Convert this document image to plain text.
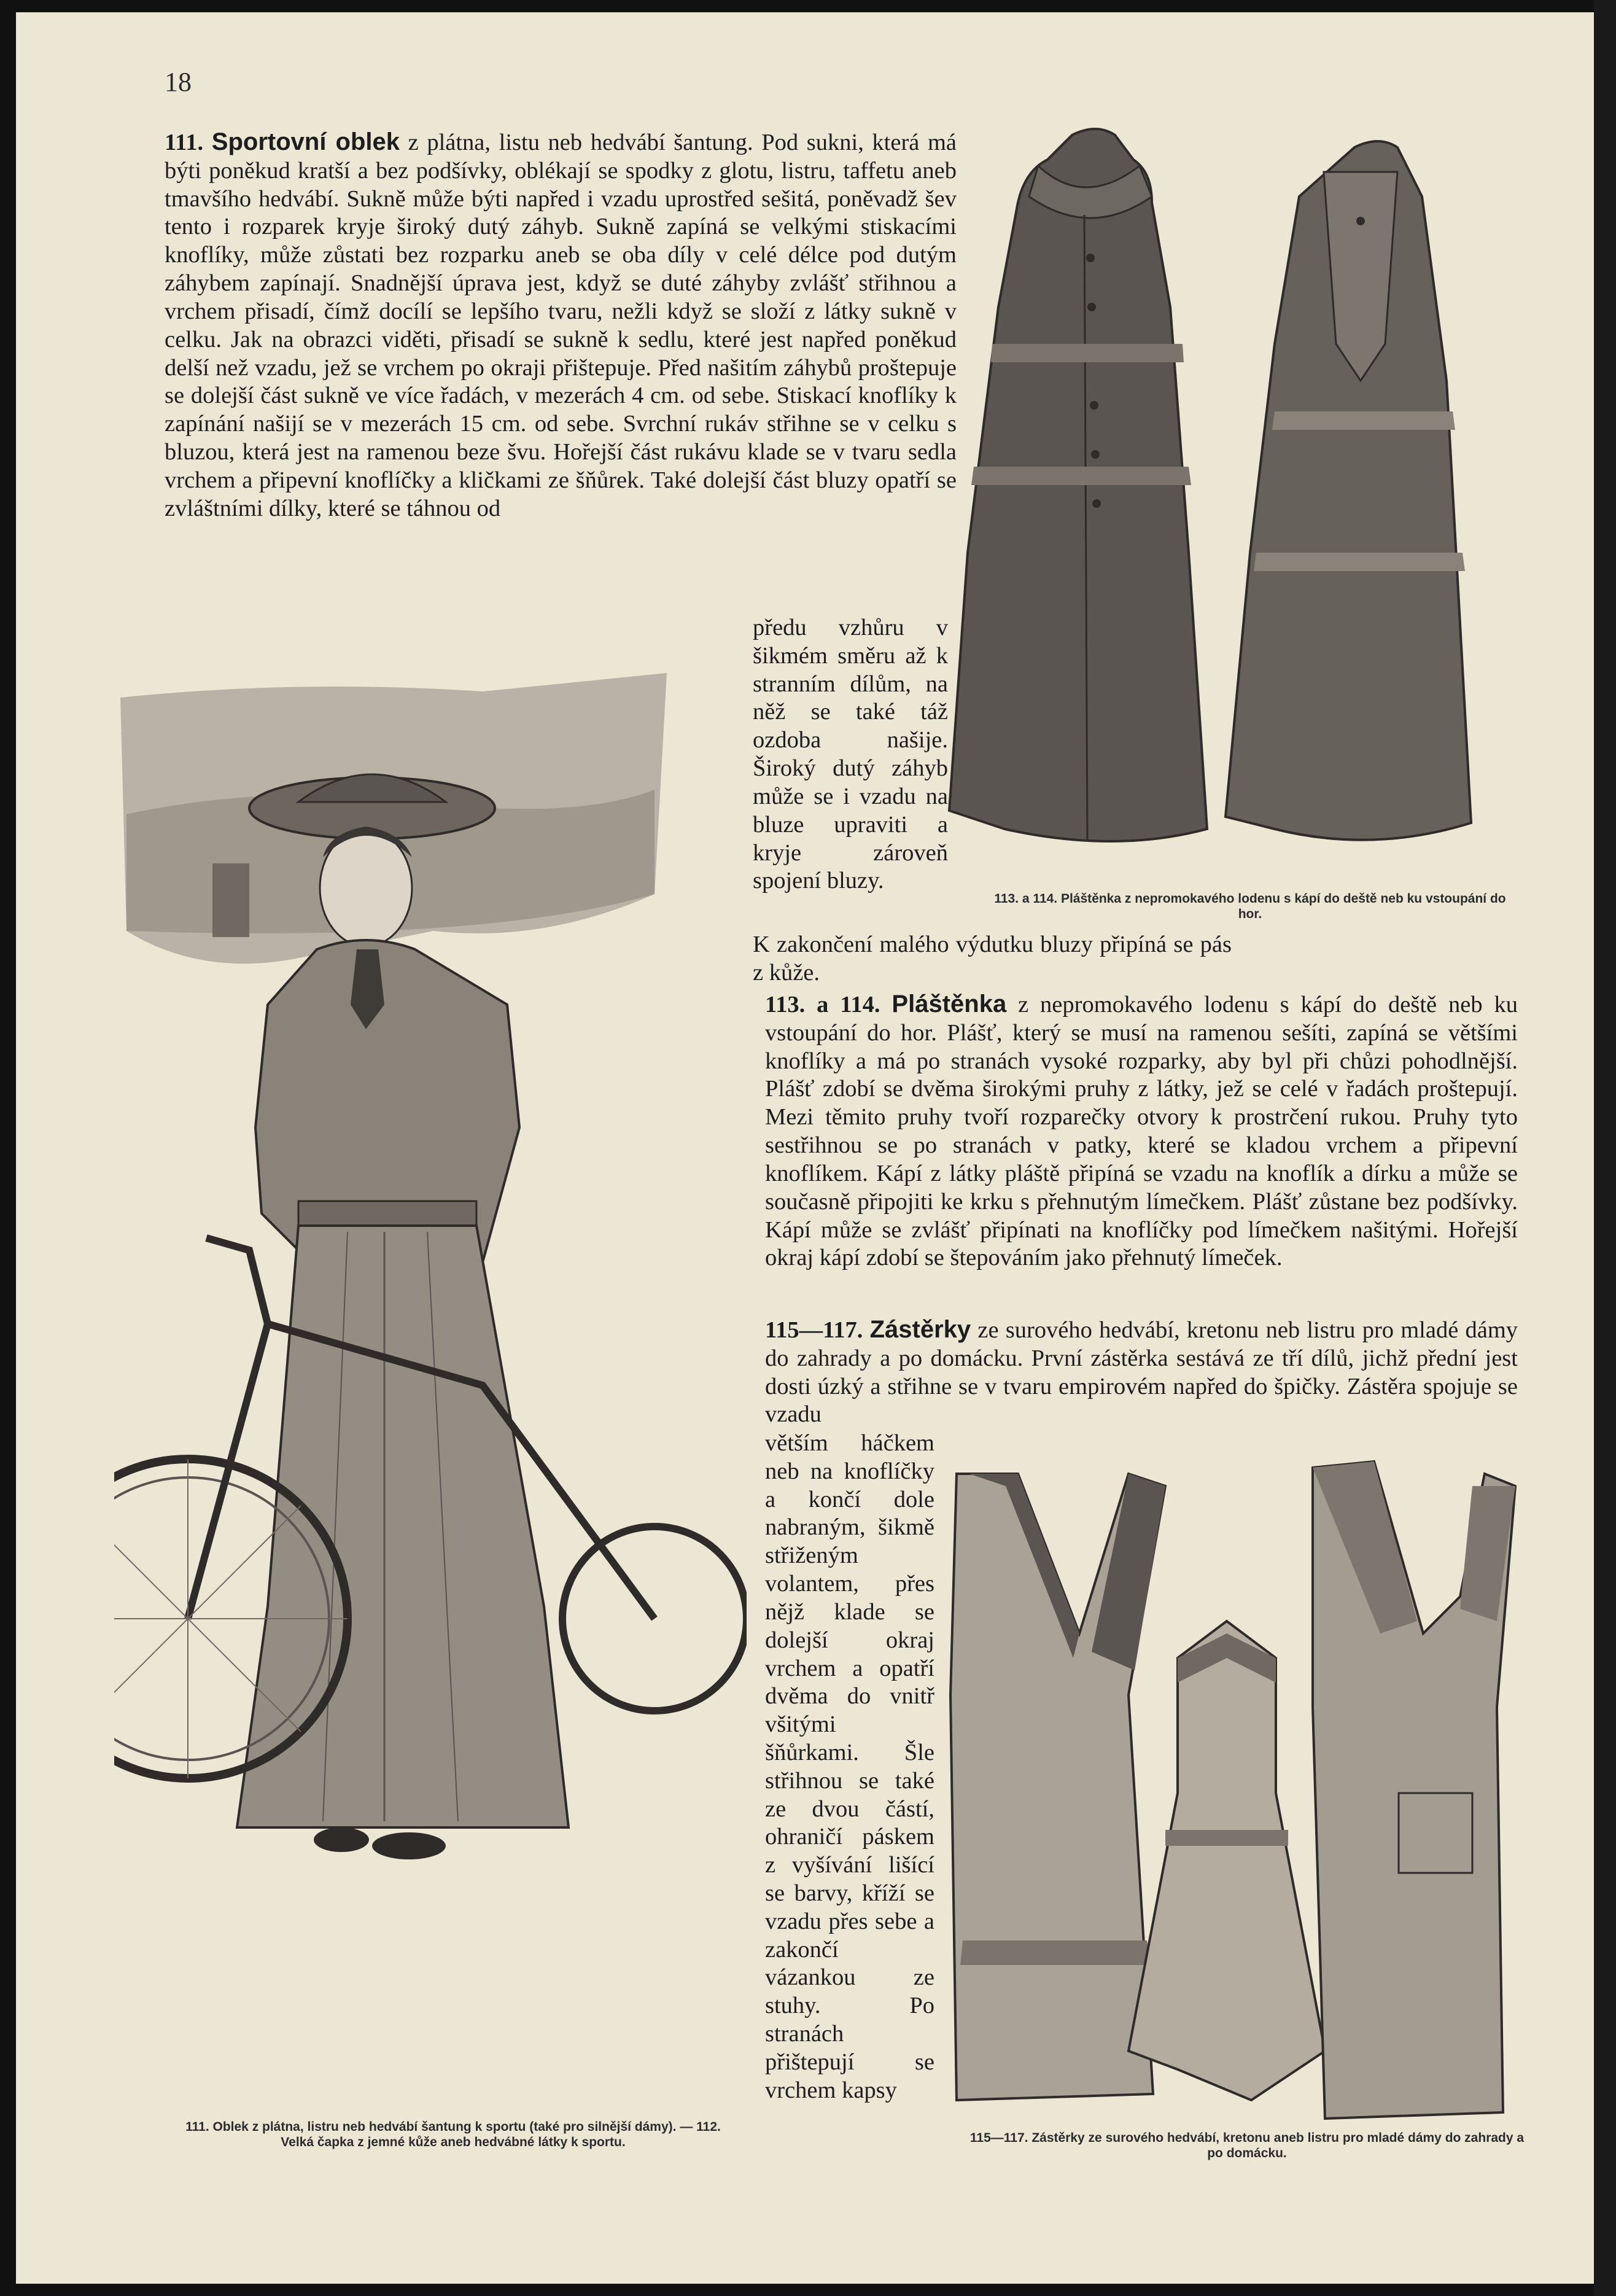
18

111. Sportovní oblek z plátna, listu neb hedvábí šantung. Pod sukni, která má býti poněkud kratší a bez podšívky, oblékají se spodky z glotu, listru, taffetu aneb tmavšího hedvábí. Sukně může býti napřed i vzadu uprostřed sešitá, poněvadž šev tento i rozparek kryje široký dutý záhyb. Sukně zapíná se velkými stiskacími knoflíky, může zůstati bez rozparku aneb se oba díly v celé délce pod dutým záhybem zapínají. Snadnější úprava jest, když se duté záhyby zvlášť střihnou a vrchem přisadí, čímž docílí se lepšího tvaru, nežli když se složí z látky sukně v celku. Jak na obrazci viděti, přisadí se sukně k sedlu, které jest napřed poněkud delší než vzadu, jež se vrchem po okraji přištepuje. Před našitím záhybů proštepuje se dolejší část sukně ve více řadách, v mezerách 4 cm. od sebe. Stiskací knoflíky k zapínání našijí se v mezerách 15 cm. od sebe. Svrchní rukáv střihne se v celku s bluzou, která jest na ramenou beze švu. Hořejší část rukávu klade se v tvaru sedla vrchem a připevní knoflíčky a kličkami ze šňůrek. Také dolejší část bluzy opatří se zvláštními dílky, které se táhnou od

předu vzhůru v šikmém směru až k stranním dílům, na něž se také táž ozdoba našije. Široký dutý záhyb může se i vzadu na bluze upraviti a kryje zároveň spojení bluzy.

K zakončení malého výdutku bluzy připíná se pás z kůže.

113. a 114. Pláštěnka z nepromokavého lodenu s kápí do deště neb ku vstoupání do hor. Plášť, který se musí na ramenou sešíti, zapíná se většími knoflíky a má po stranách vysoké rozparky, aby byl při chůzi pohodlnější. Plášť zdobí se dvěma širokými pruhy z látky, jež se celé v řadách proštepují. Mezi těmito pruhy tvoří rozparečky otvory k prostrčení rukou. Pruhy tyto sestřihnou se po stranách v patky, které se kladou vrchem a připevní knoflíkem. Kápí z látky pláště připíná se vzadu na knoflík a dírku a může se současně připojiti ke krku s přehnutým límečkem. Plášť zůstane bez podšívky. Kápí může se zvlášť připínati na knoflíčky pod límečkem našitými. Hořejší okraj kápí zdobí se štepováním jako přehnutý límeček.

115—117. Zástěrky ze surového hedvábí, kretonu neb listru pro mladé dámy do zahrady a po domácku. První zástěrka sestává ze tří dílů, jichž přední jest dosti úzký a střihne se v tvaru empirovém napřed do špičky. Zástěra spojuje se vzadu

větším háčkem neb na knoflíčky a končí dole nabraným, šikmě střiženým volantem, přes nějž klade se dolejší okraj vrchem a opatří dvěma do vnitř všitými šňůrkami. Šle střihnou se také ze dvou částí, ohraničí páskem z vyšívání lišící se barvy, kříží se vzadu přes sebe a zakončí vázankou ze stuhy. Po stranách přištepují se vrchem kapsy

113. a 114. Pláštěnka z nepromokavého lodenu s kápí do deště neb ku vstoupání do hor.
111. Oblek z plátna, listru neb hedvábí šantung k sportu (také pro silnější dámy). — 112. Velká čapka z jemné kůže aneb hedvábné látky k sportu.	115—117. Zástěrky ze surového hedvábí, kretonu aneb listru pro mladé dámy do zahrady a po domácku.
